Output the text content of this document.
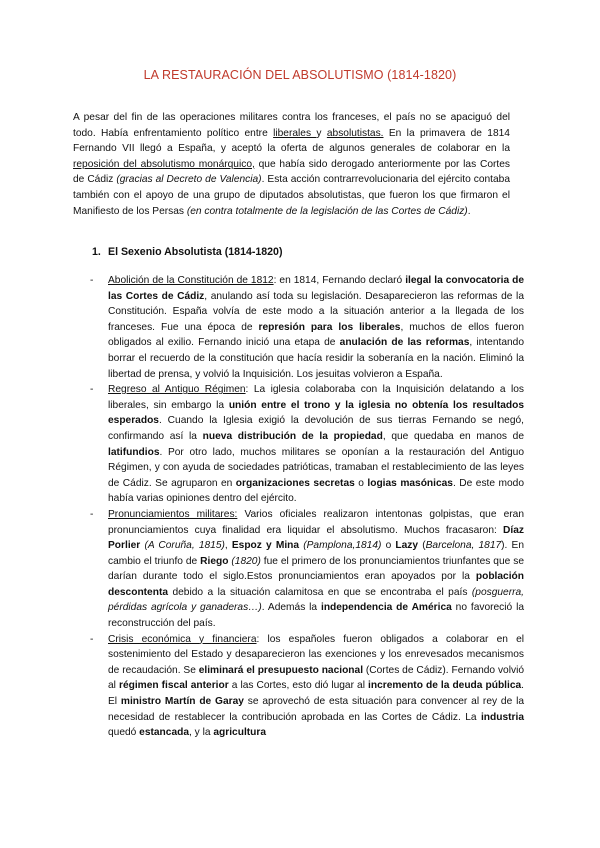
LA RESTAURACIÓN DEL ABSOLUTISMO (1814-1820)

A pesar del fin de las operaciones militares contra los franceses, el país no se apaciguó del todo. Había enfrentamiento político entre liberales y absolutistas. En la primavera de 1814 Fernando VII llegó a España, y aceptó la oferta de algunos generales de colaborar en la reposición del absolutismo monárquico, que había sido derogado anteriormente por las Cortes de Cádiz (gracias al Decreto de Valencia). Esta acción contrarrevolucionaria del ejército contaba también con el apoyo de una grupo de diputados absolutistas, que fueron los que firmaron el Manifiesto de los Persas (en contra totalmente de la legislación de las Cortes de Cádiz).

1. El Sexenio Absolutista (1814-1820)
- Abolición de la Constitución de 1812: en 1814, Fernando declaró ilegal la convocatoria de las Cortes de Cádiz, anulando así toda su legislación. Desaparecieron las reformas de la Constitución. España volvía de este modo a la situación anterior a la llegada de los franceses. Fue una época de represión para los liberales, muchos de ellos fueron obligados al exilio. Fernando inició una etapa de anulación de las reformas, intentando borrar el recuerdo de la constitución que hacía residir la soberanía en la nación. Eliminó la libertad de prensa, y volvió la Inquisición. Los jesuitas volvieron a España.
- Regreso al Antiguo Régimen: La iglesia colaboraba con la Inquisición delatando a los liberales, sin embargo la unión entre el trono y la iglesia no obtenía los resultados esperados. Cuando la Iglesia exigió la devolución de sus tierras Fernando se negó, confirmando así la nueva distribución de la propiedad, que quedaba en manos de latifundios. Por otro lado, muchos militares se oponían a la restauración del Antiguo Régimen, y con ayuda de sociedades patrióticas, tramaban el restablecimiento de las leyes de Cádiz. Se agruparon en organizaciones secretas o logias masónicas. De este modo había varias opiniones dentro del ejército.
- Pronunciamientos militares: Varios oficiales realizaron intentonas golpistas, que eran pronunciamientos cuya finalidad era liquidar el absolutismo. Muchos fracasaron: Díaz Porlier (A Coruña, 1815), Espoz y Mina (Pamplona,1814) o Lazy (Barcelona, 1817). En cambio el triunfo de Riego (1820) fue el primero de los pronunciamientos triunfantes que se darían durante todo el siglo.Estos pronunciamientos eran apoyados por la población descontenta debido a la situación calamitosa en que se encontraba el país (posguerra, pérdidas agrícola y ganaderas…). Además la independencia de América no favoreció la reconstrucción del país.
- Crisis económica y financiera: los españoles fueron obligados a colaborar en el sostenimiento del Estado y desaparecieron las exenciones y los enrevesados mecanismos de recaudación. Se eliminará el presupuesto nacional (Cortes de Cádiz). Fernando volvió al régimen fiscal anterior a las Cortes, esto dió lugar al incremento de la deuda pública. El ministro Martín de Garay se aprovechó de esta situación para convencer al rey de la necesidad de restablecer la contribución aprobada en las Cortes de Cádiz. La industria quedó estancada, y la agricultura
